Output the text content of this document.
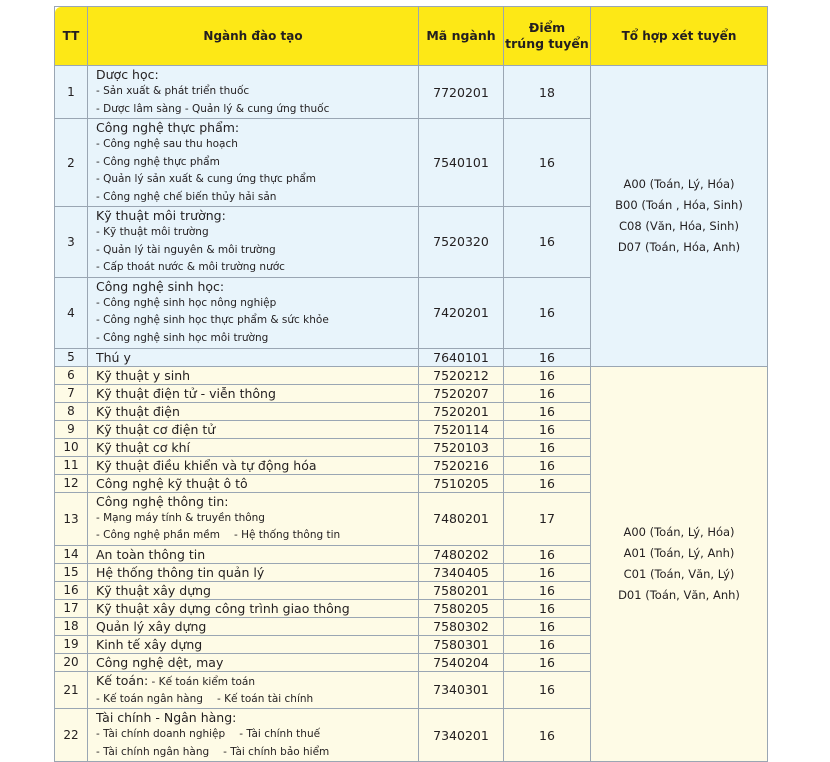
TT	Ngành đào tạo	Mã ngành	Điểm
trúng tuyển	Tổ hợp xét tuyển
1	Dược học:
- Sản xuất & phát triển thuốc
- Dược lâm sàng - Quản lý & cung ứng thuốc	7720201	18	A00 (Toán, Lý, Hóa)
B00 (Toán , Hóa, Sinh)
C08 (Văn, Hóa, Sinh)
D07 (Toán, Hóa, Anh)

2	Công nghệ thực phẩm:
- Công nghệ sau thu hoạch
- Công nghệ thực phẩm
- Quản lý sản xuất & cung ứng thực phẩm
- Công nghệ chế biến thủy hải sản	7540101	16	
3	Kỹ thuật môi trường:
- Kỹ thuật môi trường
- Quản lý tài nguyên & môi trường
- Cấp thoát nước & môi trường nước	7520320	16	
4	Công nghệ sinh học:
- Công nghệ sinh học nông nghiệp
- Công nghệ sinh học thực phẩm & sức khỏe
- Công nghệ sinh học môi trường	7420201	16	
5	Thú y	7640101	16	
6	Kỹ thuật y sinh	7520212	16	A00 (Toán, Lý, Hóa)
A01 (Toán, Lý, Anh)
C01 (Toán, Văn, Lý)
D01 (Toán, Văn, Anh)

7	Kỹ thuật điện tử - viễn thông	7520207	16	
8	Kỹ thuật điện	7520201	16	
9	Kỹ thuật cơ điện tử	7520114	16	
10	Kỹ thuật cơ khí	7520103	16	
11	Kỹ thuật điều khiển và tự động hóa	7520216	16	
12	Công nghệ kỹ thuật ô tô	7510205	16	
13	Công nghệ thông tin:
- Mạng máy tính & truyền thông
- Công nghệ phần mềm - Hệ thống thông tin	7480201	17	
14	An toàn thông tin	7480202	16	
15	Hệ thống thông tin quản lý	7340405	16	
16	Kỹ thuật xây dựng	7580201	16	
17	Kỹ thuật xây dựng công trình giao thông	7580205	16	
18	Quản lý xây dựng	7580302	16	
19	Kinh tế xây dựng	7580301	16	
20	Công nghệ dệt, may	7540204	16	
21	Kế toán: - Kế toán kiểm toán
- Kế toán ngân hàng - Kế toán tài chính	7340301	16	
22	Tài chính - Ngân hàng:
- Tài chính doanh nghiệp - Tài chính thuế
- Tài chính ngân hàng - Tài chính bảo hiểm	7340201	16	
